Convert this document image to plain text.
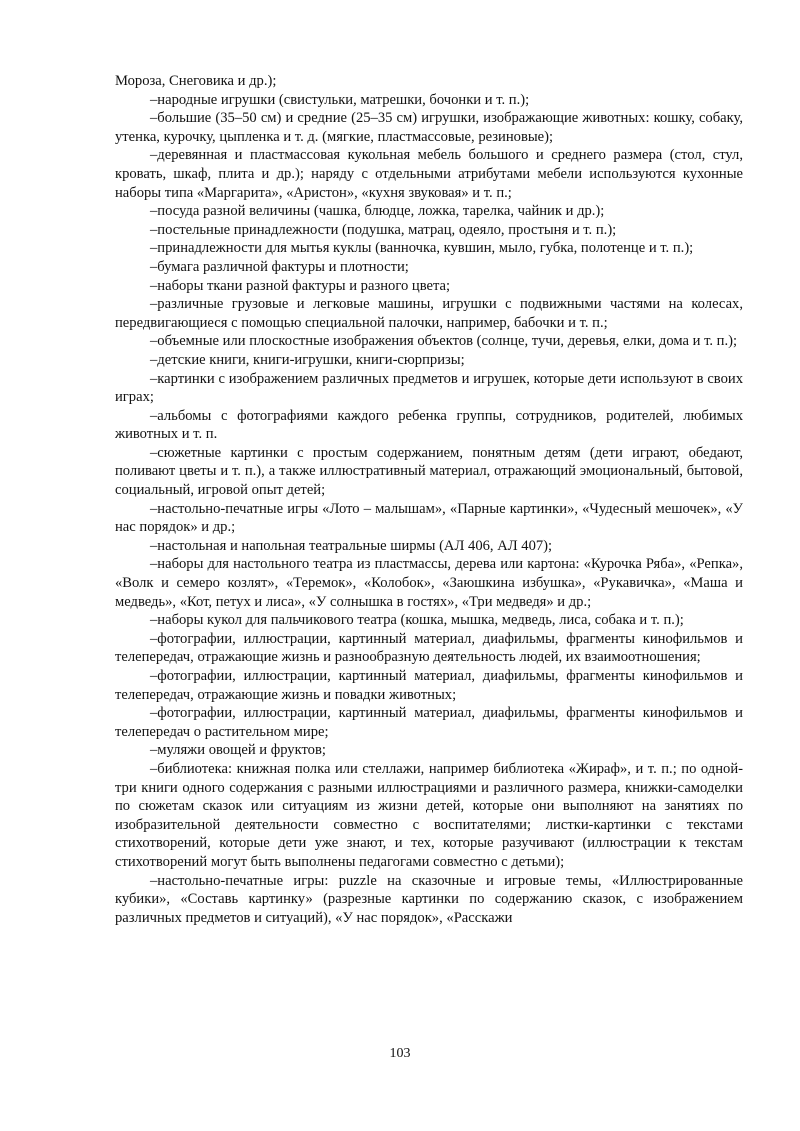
Мороза, Снеговика и др.);

–народные игрушки (свистульки, матрешки, бочонки и т. п.);

–большие (35–50 см) и средние (25–35 см) игрушки, изображающие животных: кошку, собаку, утенка, курочку, цыпленка и т. д. (мягкие, пластмассовые, резиновые);

–деревянная и пластмассовая кукольная мебель большого и среднего размера (стол, стул, кровать, шкаф, плита и др.); наряду с отдельными атрибутами мебели используются кухонные наборы типа «Маргарита», «Аристон», «кухня звуковая» и т. п.;

–посуда разной величины (чашка, блюдце, ложка, тарелка, чайник и др.);

–постельные принадлежности (подушка, матрац, одеяло, простыня и т. п.);

–принадлежности для мытья куклы (ванночка, кувшин, мыло, губка, полотенце и т. п.);

–бумага различной фактуры и плотности;

–наборы ткани разной фактуры и разного цвета;

–различные грузовые и легковые машины, игрушки с подвижными частями на колесах, передвигающиеся с помощью специальной палочки, например, бабочки и т. п.;

–объемные или плоскостные изображения объектов (солнце, тучи, деревья, елки, дома и т. п.);

–детские книги, книги-игрушки, книги-сюрпризы;

–картинки с изображением различных предметов и игрушек, которые дети используют в своих играх;

–альбомы с фотографиями каждого ребенка группы, сотрудников, родителей, любимых животных и т. п.

–сюжетные картинки с простым содержанием, понятным детям (дети играют, обедают, поливают цветы и т. п.), а также иллюстративный материал, отражающий эмоциональный, бытовой, социальный, игровой опыт детей;

–настольно-печатные игры «Лото – малышам», «Парные картинки», «Чудесный мешочек», «У нас порядок» и др.;

–настольная и напольная театральные ширмы (АЛ 406, АЛ 407);

–наборы для настольного театра из пластмассы, дерева или картона: «Курочка Ряба», «Репка», «Волк и семеро козлят», «Теремок», «Колобок», «Заюшкина избушка», «Рукавичка», «Маша и медведь», «Кот, петух и лиса», «У солнышка в гостях», «Три медведя» и др.;

–наборы кукол для пальчикового театра (кошка, мышка, медведь, лиса, собака и т. п.);

–фотографии, иллюстрации, картинный материал, диафильмы, фрагменты кинофильмов и телепередач, отражающие жизнь и разнообразную деятельность людей, их взаимоотношения;

–фотографии, иллюстрации, картинный материал, диафильмы, фрагменты кинофильмов и телепередач, отражающие жизнь и повадки животных;

–фотографии, иллюстрации, картинный материал, диафильмы, фрагменты кинофильмов и телепередач о растительном мире;

–муляжи овощей и фруктов;

–библиотека: книжная полка или стеллажи, например библиотека «Жираф», и т. п.; по одной-три книги одного содержания с разными иллюстрациями и различного размера, книжки-самоделки по сюжетам сказок или ситуациям из жизни детей, которые они выполняют на занятиях по изобразительной деятельности совместно с воспитателями; листки-картинки с текстами стихотворений, которые дети уже знают, и тех, которые разучивают (иллюстрации к текстам стихотворений могут быть выполнены педагогами совместно с детьми);

–настольно-печатные игры: puzzle на сказочные и игровые темы, «Иллюстрированные кубики», «Составь картинку» (разрезные картинки по содержанию сказок, с изображением различных предметов и ситуаций), «У нас порядок», «Расскажи

103
